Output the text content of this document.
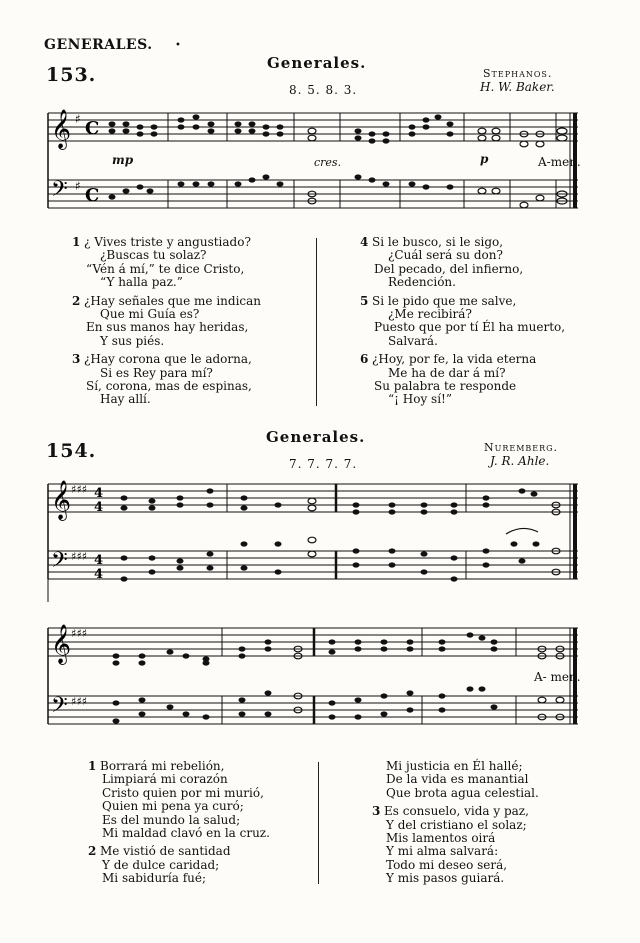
GENERALES. •
153.
Generales.
8. 5. 8. 3.
Stephanos.
H. W. Baker.
𝄞
𝄢
♯
♯
C
C
mp	cres.	p	A-men.
1 ¿ Vives triste y angustiado?
¿Buscas tu solaz?
“Vén á mí,” te dice Cristo,
“Y halla paz.”
2 ¿Hay señales que me indican
Que mi Guía es?
En sus manos hay heridas,
Y sus piés.
3 ¿Hay corona que le adorna,
Si es Rey para mí?
Sí, corona, mas de espinas,
Hay allí.
4 Si le busco, si le sigo,
¿Cuál será su don?
Del pecado, del infierno,
Redención.
5 Si le pido que me salve,
¿Me recibirá?
Puesto que por tí Él ha muerto,
Salvará.
6 ¿Hoy, por fe, la vida eterna
Me ha de dar á mí?
Su palabra te responde
“¡ Hoy sí!”
154.
Generales.
7. 7. 7. 7.
Nuremberg.
J. R. Ahle.
𝄞
𝄢
♯♯♯
♯♯♯
4
4
4
4
𝄞
𝄢
♯♯♯
♯♯♯
A- men.
1 Borrará mi rebelión,
Limpiará mi corazón
Cristo quien por mi murió,
Quien mi pena ya curó;
Es del mundo la salud;
Mi maldad clavó en la cruz.
2 Me vistió de santidad
Y de dulce caridad;
Mi sabiduría fué;
Mi justicia en Él hallé;
De la vida es manantial
Que brota agua celestial.
3 Es consuelo, vida y paz,
Y del cristiano el solaz;
Mis lamentos oirá
Y mi alma salvará:
Todo mi deseo será,
Y mis pasos guiará.
